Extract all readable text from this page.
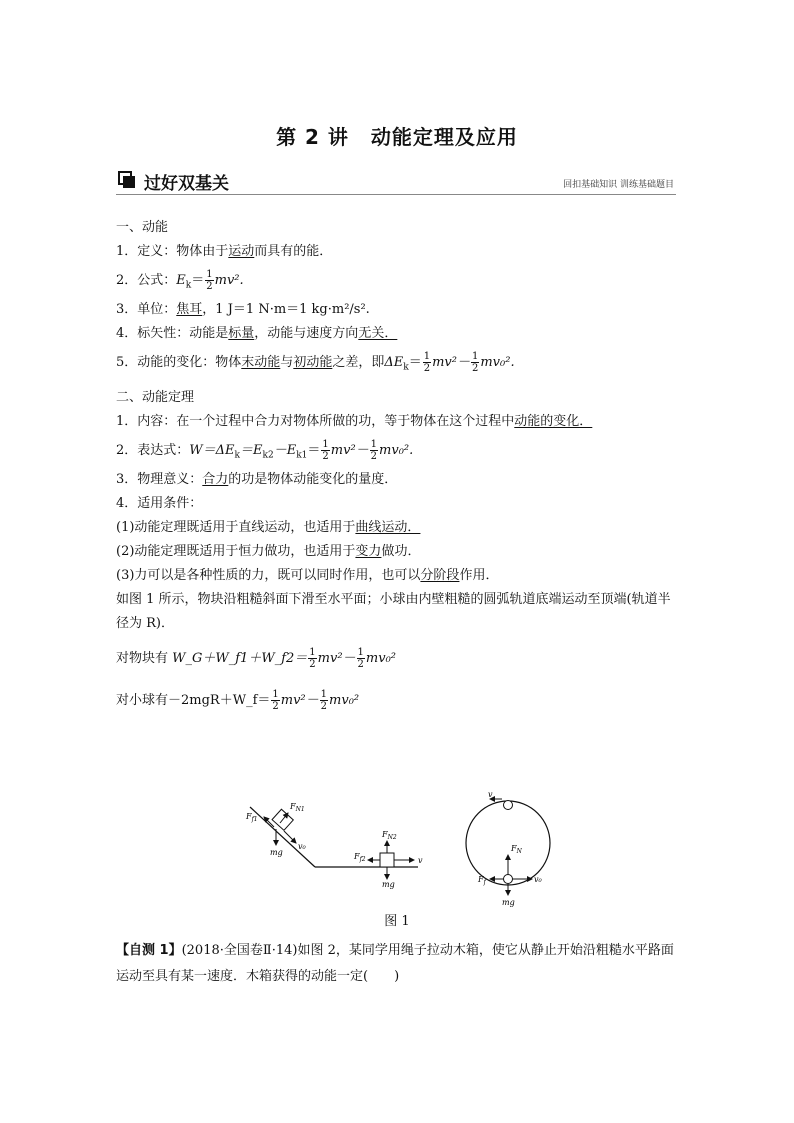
第 2 讲 动能定理及应用
过好双基关	回扣基础知识 训练基础题目
一、动能
1．定义：物体由于运动而具有的能．
2．公式：$E_k= \frac{1}{2} mv^2$.
3．单位：焦耳，1 J＝1 N·m＝1 kg·m²/s².
4．标矢性：动能是标量，动能与速度方向无关．
5．动能的变化：物体末动能与初动能之差，即$\Delta E_k= \frac{1}{2} mv^2- \frac{1}{2} mv_0^2$.
二、动能定理
1．内容：在一个过程中合力对物体所做的功，等于物体在这个过程中动能的变化．
2．表达式：$W=\Delta E_k=E_{k2}-E_{k1}= \frac{1}{2} mv^2- \frac{1}{2} mv_0^2$.
3．物理意义：合力的功是物体动能变化的量度．
4．适用条件：
(1)动能定理既适用于直线运动，也适用于曲线运动．
(2)动能定理既适用于恒力做功，也适用于变力做功．
(3)力可以是各种性质的力，既可以同时作用，也可以分阶段作用．
如图 1 所示，物块沿粗糙斜面下滑至水平面；小球由内壁粗糙的圆弧轨道底端运动至顶端(轨道半径为 R)．
对物块有 W_G＋W_f1＋W_f2＝ $\frac{1}{2} mv^2- \frac{1}{2} mv_0^2$
对小球有－2mgR＋W_f＝ $\frac{1}{2} mv^2- \frac{1}{2} mv_0^2$
$F_{f1}$
$F_{N1}$
v₀
mg
$F_{N2}$
$F_{f2}$	v
mg
v
$F_N$
$F_f$	v₀
mg
图 1
【自测 1】(2018·全国卷Ⅱ·14)如图 2，某同学用绳子拉动木箱，使它从静止开始沿粗糙水平路面运动至具有某一速度．木箱获得的动能一定(　　)
